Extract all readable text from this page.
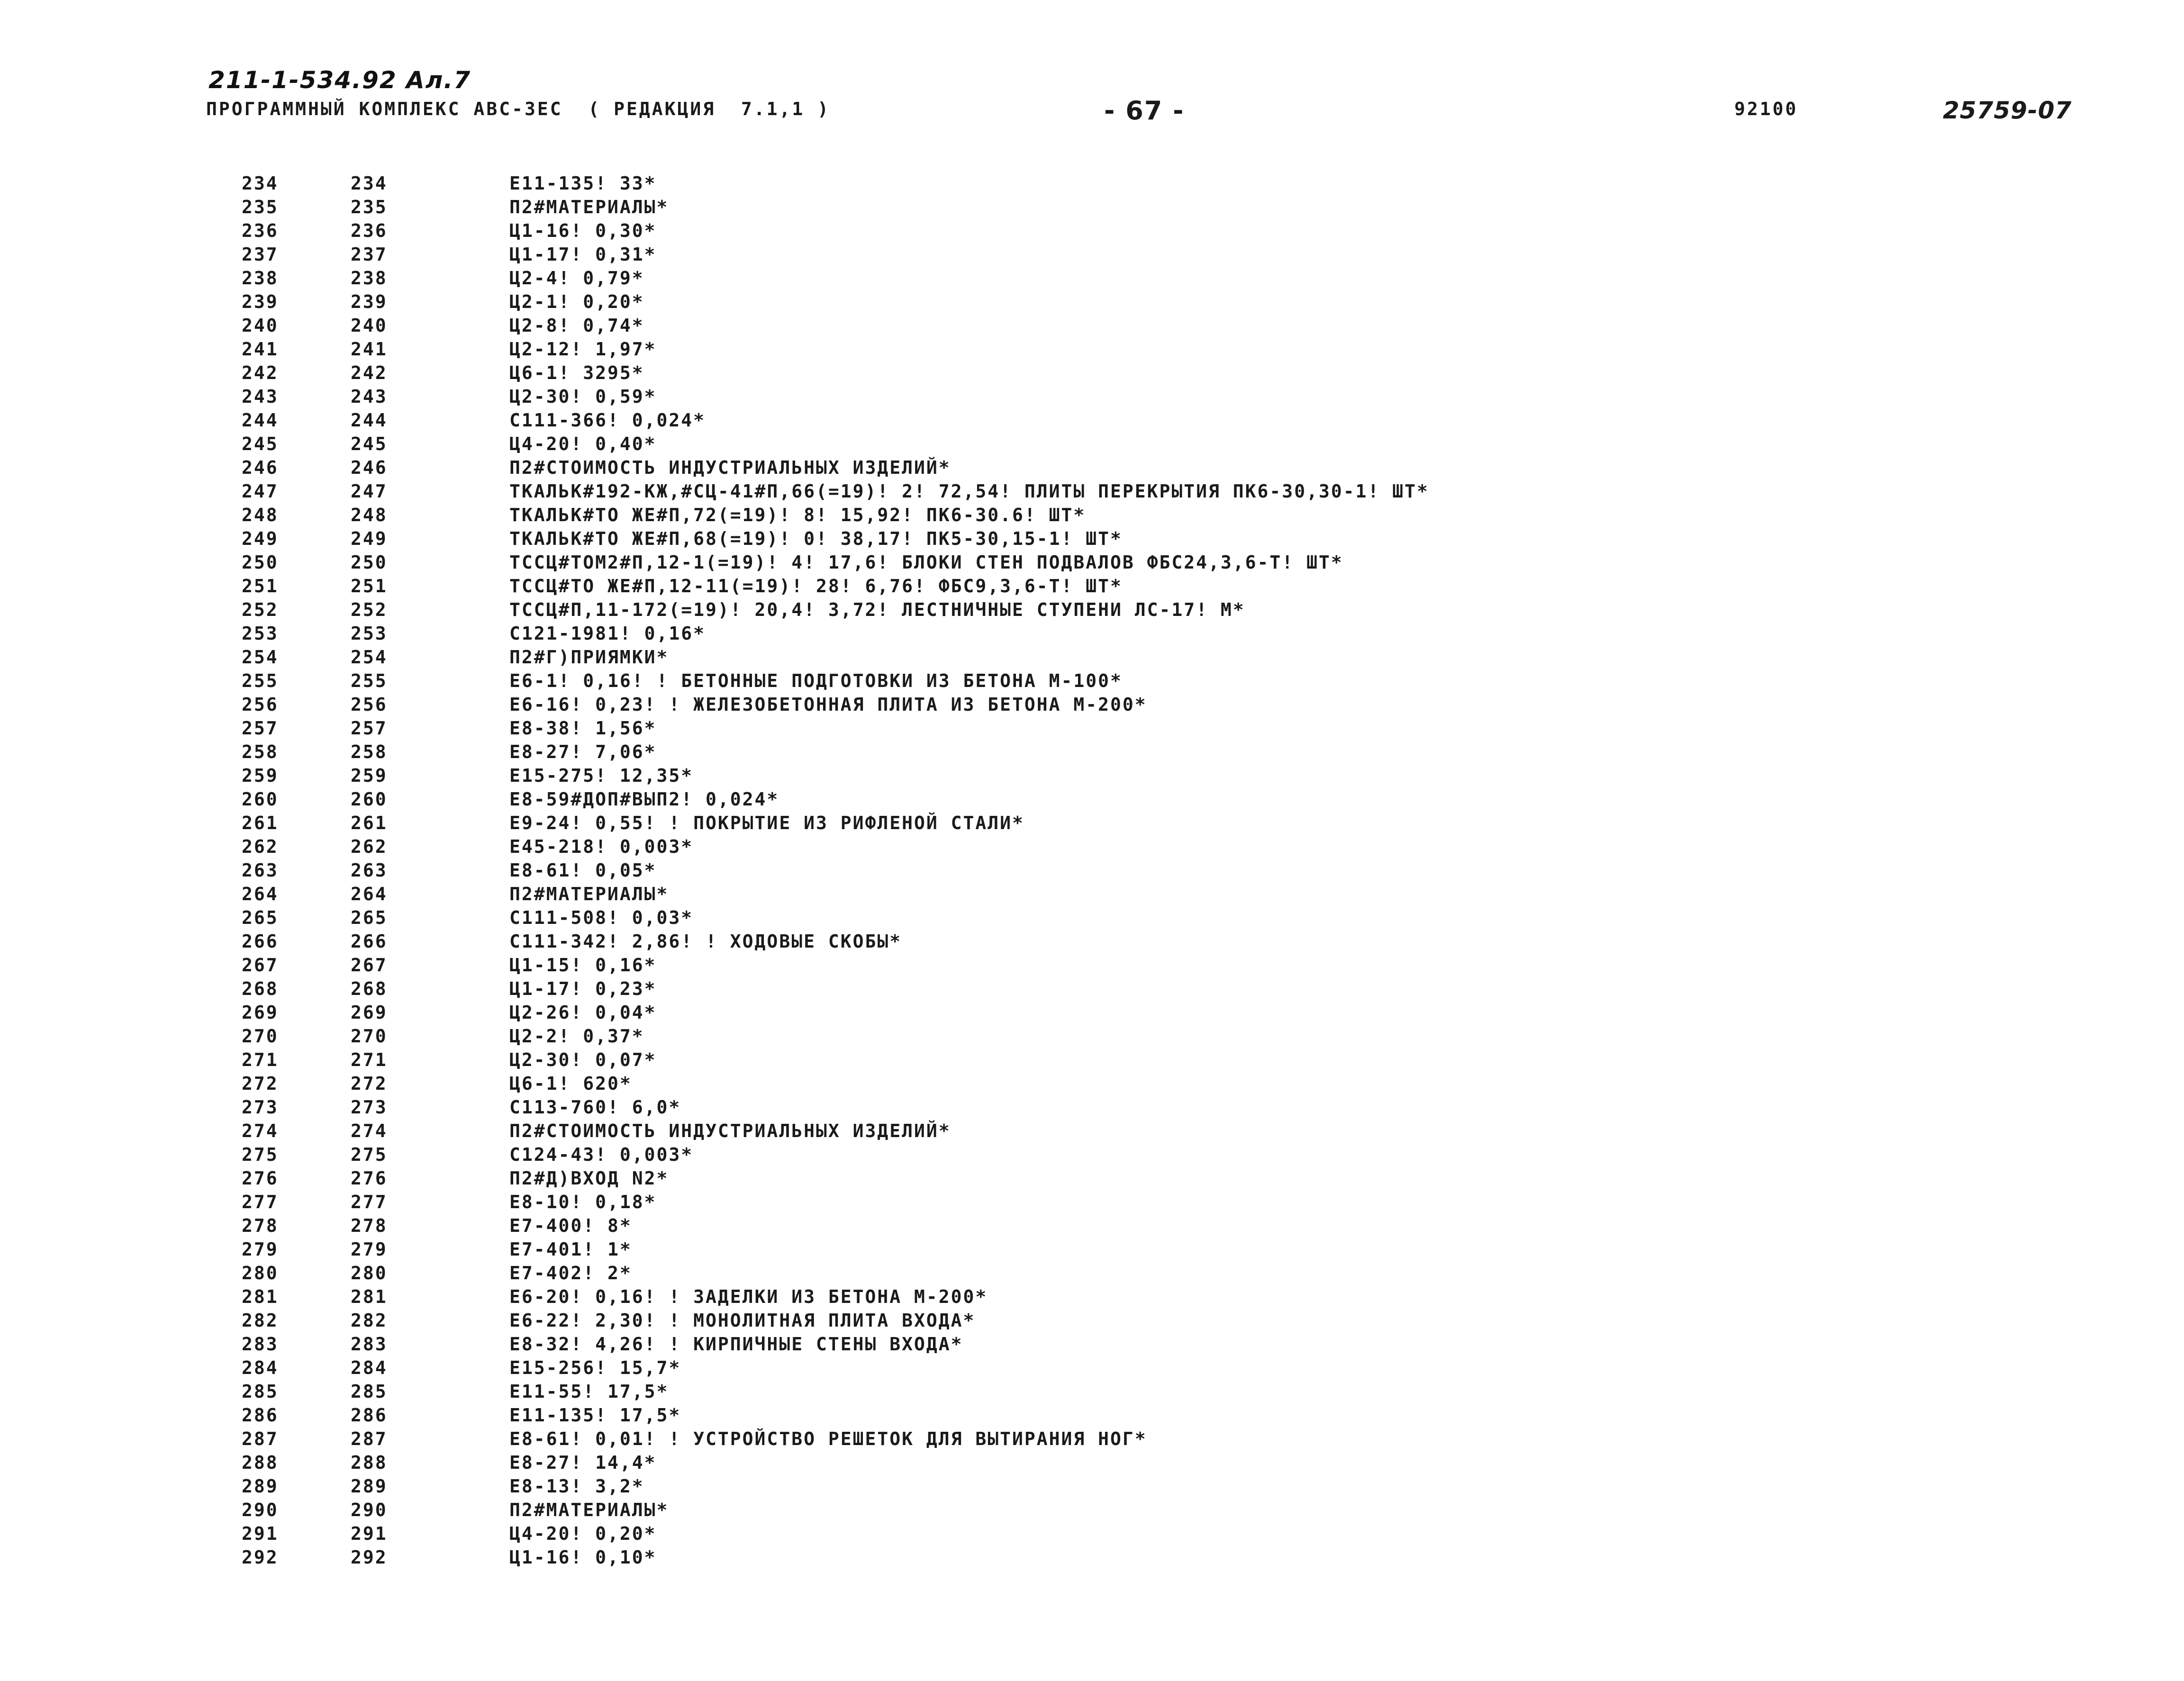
211-1-534.92 Ал.7
ПРОГРАММНЫЙ КОМПЛЕКС АВС-ЗЕС  ( РЕДАКЦИЯ  7.1,1 )	- 67 -	92100	25759-07
234	234	Е11-135! 33*
235	235	П2#МАТЕРИАЛЫ*
236	236	Ц1-16! 0,30*
237	237	Ц1-17! 0,31*
238	238	Ц2-4! 0,79*
239	239	Ц2-1! 0,20*
240	240	Ц2-8! 0,74*
241	241	Ц2-12! 1,97*
242	242	Ц6-1! 3295*
243	243	Ц2-30! 0,59*
244	244	С111-366! 0,024*
245	245	Ц4-20! 0,40*
246	246	П2#СТОИМОСТЬ ИНДУСТРИАЛЬНЫХ ИЗДЕЛИЙ*
247	247	ТКАЛЬК#192-КЖ,#СЦ-41#П,66(=19)! 2! 72,54! ПЛИТЫ ПЕРЕКРЫТИЯ ПК6-30,30-1! ШТ*
248	248	ТКАЛЬК#ТО ЖЕ#П,72(=19)! 8! 15,92! ПК6-30.6! ШТ*
249	249	ТКАЛЬК#ТО ЖЕ#П,68(=19)! 0! 38,17! ПК5-30,15-1! ШТ*
250	250	ТССЦ#ТОМ2#П,12-1(=19)! 4! 17,6! БЛОКИ СТЕН ПОДВАЛОВ ФБС24,3,6-Т! ШТ*
251	251	ТССЦ#ТО ЖЕ#П,12-11(=19)! 28! 6,76! ФБС9,3,6-Т! ШТ*
252	252	ТССЦ#П,11-172(=19)! 20,4! 3,72! ЛЕСТНИЧНЫЕ СТУПЕНИ ЛС-17! М*
253	253	С121-1981! 0,16*
254	254	П2#Г)ПРИЯМКИ*
255	255	Е6-1! 0,16! ! БЕТОННЫЕ ПОДГОТОВКИ ИЗ БЕТОНА М-100*
256	256	Е6-16! 0,23! ! ЖЕЛЕЗОБЕТОННАЯ ПЛИТА ИЗ БЕТОНА М-200*
257	257	Е8-38! 1,56*
258	258	Е8-27! 7,06*
259	259	Е15-275! 12,35*
260	260	Е8-59#ДОП#ВЫП2! 0,024*
261	261	Е9-24! 0,55! ! ПОКРЫТИЕ ИЗ РИФЛЕНОЙ СТАЛИ*
262	262	Е45-218! 0,003*
263	263	Е8-61! 0,05*
264	264	П2#МАТЕРИАЛЫ*
265	265	С111-508! 0,03*
266	266	С111-342! 2,86! ! ХОДОВЫЕ СКОБЫ*
267	267	Ц1-15! 0,16*
268	268	Ц1-17! 0,23*
269	269	Ц2-26! 0,04*
270	270	Ц2-2! 0,37*
271	271	Ц2-30! 0,07*
272	272	Ц6-1! 620*
273	273	С113-760! 6,0*
274	274	П2#СТОИМОСТЬ ИНДУСТРИАЛЬНЫХ ИЗДЕЛИЙ*
275	275	С124-43! 0,003*
276	276	П2#Д)ВХОД N2*
277	277	Е8-10! 0,18*
278	278	Е7-400! 8*
279	279	Е7-401! 1*
280	280	Е7-402! 2*
281	281	Е6-20! 0,16! ! ЗАДЕЛКИ ИЗ БЕТОНА М-200*
282	282	Е6-22! 2,30! ! МОНОЛИТНАЯ ПЛИТА ВХОДА*
283	283	Е8-32! 4,26! ! КИРПИЧНЫЕ СТЕНЫ ВХОДА*
284	284	Е15-256! 15,7*
285	285	Е11-55! 17,5*
286	286	Е11-135! 17,5*
287	287	Е8-61! 0,01! ! УСТРОЙСТВО РЕШЕТОК ДЛЯ ВЫТИРАНИЯ НОГ*
288	288	Е8-27! 14,4*
289	289	Е8-13! 3,2*
290	290	П2#МАТЕРИАЛЫ*
291	291	Ц4-20! 0,20*
292	292	Ц1-16! 0,10*
